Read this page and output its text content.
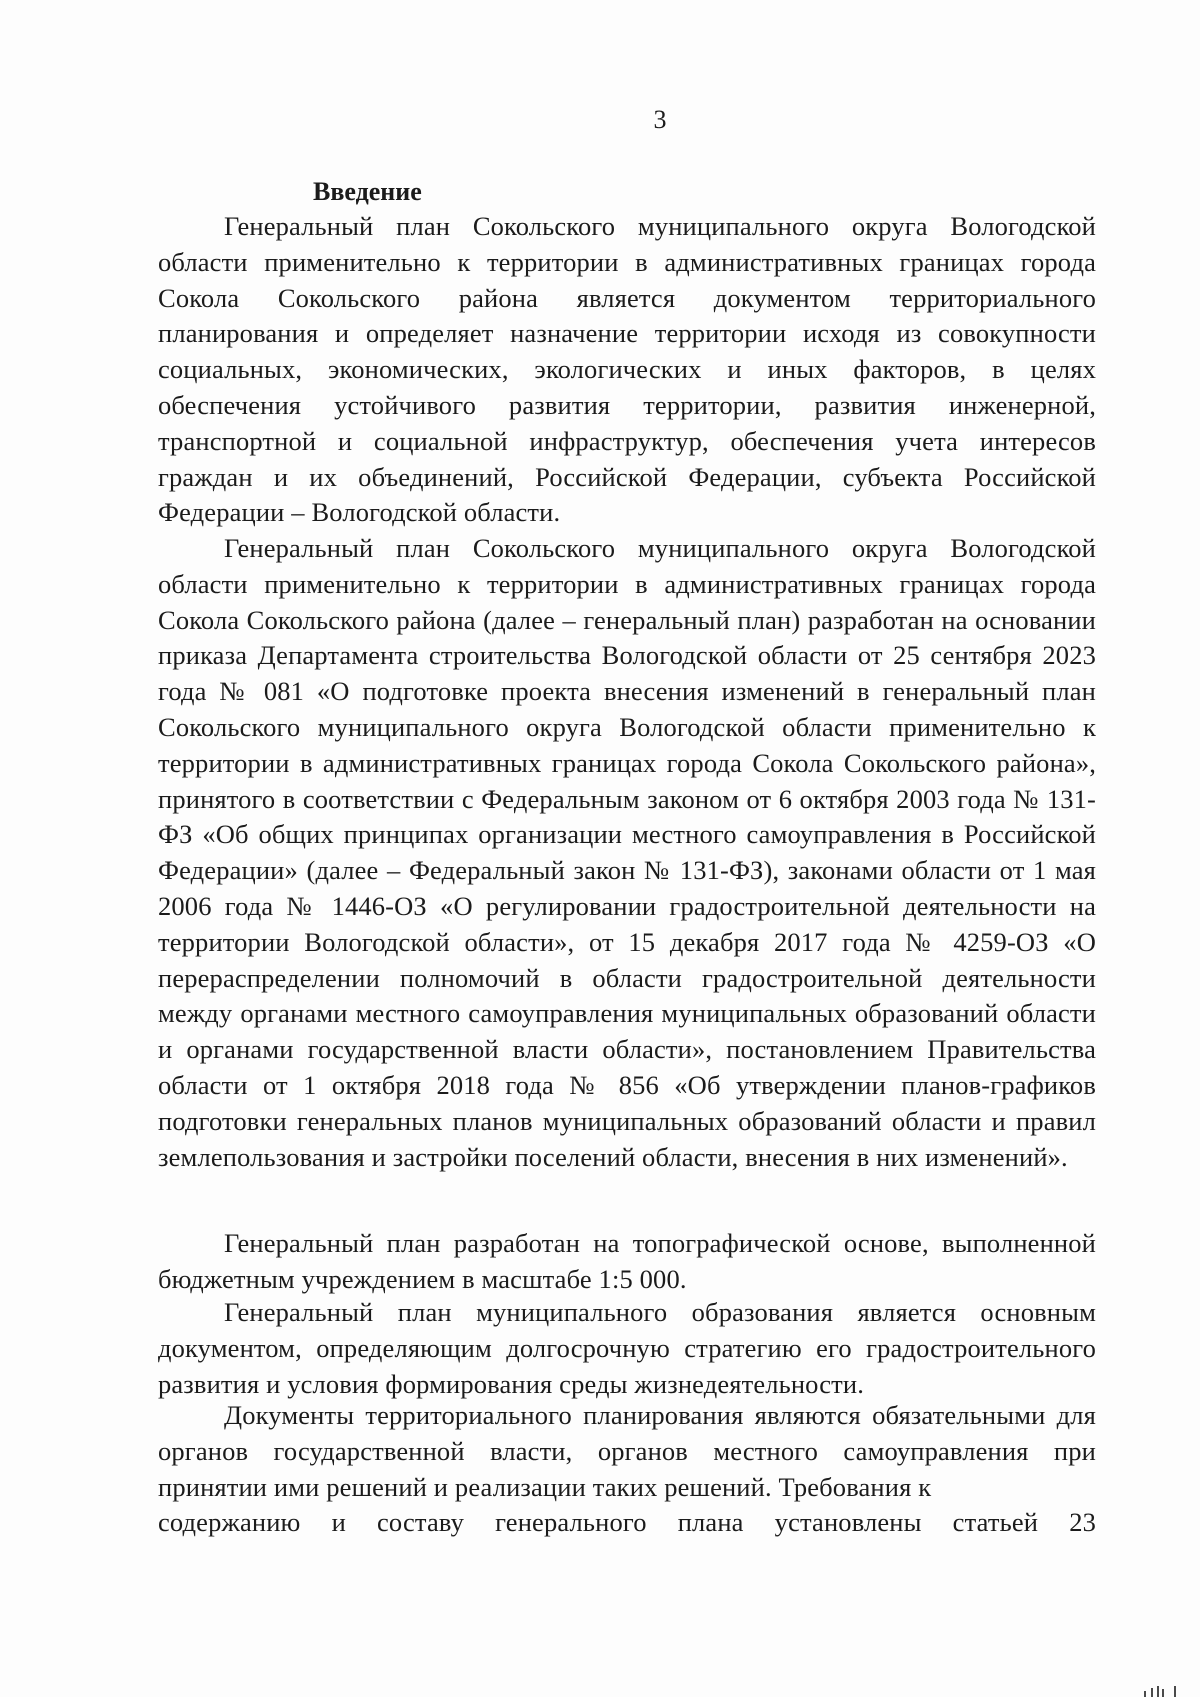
3
Введение
Генеральный план Сокольского муниципального округа Вологодской области применительно к территории в административных границах города Сокола Сокольского района является документом территориального планирования и определяет назначение территории исходя из совокупности социальных, экономических, экологических и иных факторов, в целях обеспечения устойчивого развития территории, развития инженерной, транспортной и социальной инфраструктур, обеспечения учета интересов граждан и их объединений, Российской Федерации, субъекта Российской Федерации – Вологодской области.
Генеральный план Сокольского муниципального округа Вологодской области применительно к территории в административных границах города Сокола Сокольского района (далее – генеральный план) разработан на основании приказа Департамента строительства Вологодской области от 25 сентября 2023 года № 081 «О подготовке проекта внесения изменений в генеральный план Сокольского муниципального округа Вологодской области применительно к территории в административных границах города Сокола Сокольского района», принятого в соответствии с Федеральным законом от 6 октября 2003 года № 131-ФЗ «Об общих принципах организации местного самоуправления в Российской Федерации» (далее – Федеральный закон № 131-ФЗ), законами области от 1 мая 2006 года № 1446-ОЗ «О регулировании градостроительной деятельности на территории Вологодской области», от 15 декабря 2017 года № 4259-ОЗ «О перераспределении полномочий в области градостроительной деятельности между органами местного самоуправления муниципальных образований области и органами государственной власти области», постановлением Правительства области от 1 октября 2018 года № 856 «Об утверждении планов-графиков подготовки генеральных планов муниципальных образований области и правил землепользования и застройки поселений области, внесения в них изменений».
Генеральный план разработан на топографической основе, выполненной бюджетным учреждением в масштабе 1:5 000.
Генеральный план муниципального образования является основным документом, определяющим долгосрочную стратегию его градостроительного развития и условия формирования среды жизнедеятельности.
Документы территориального планирования являются обязательными для органов государственной власти, органов местного самоуправления при принятии ими решений и реализации таких решений. Требования к
содержанию и составу генерального плана установлены статьей 23
